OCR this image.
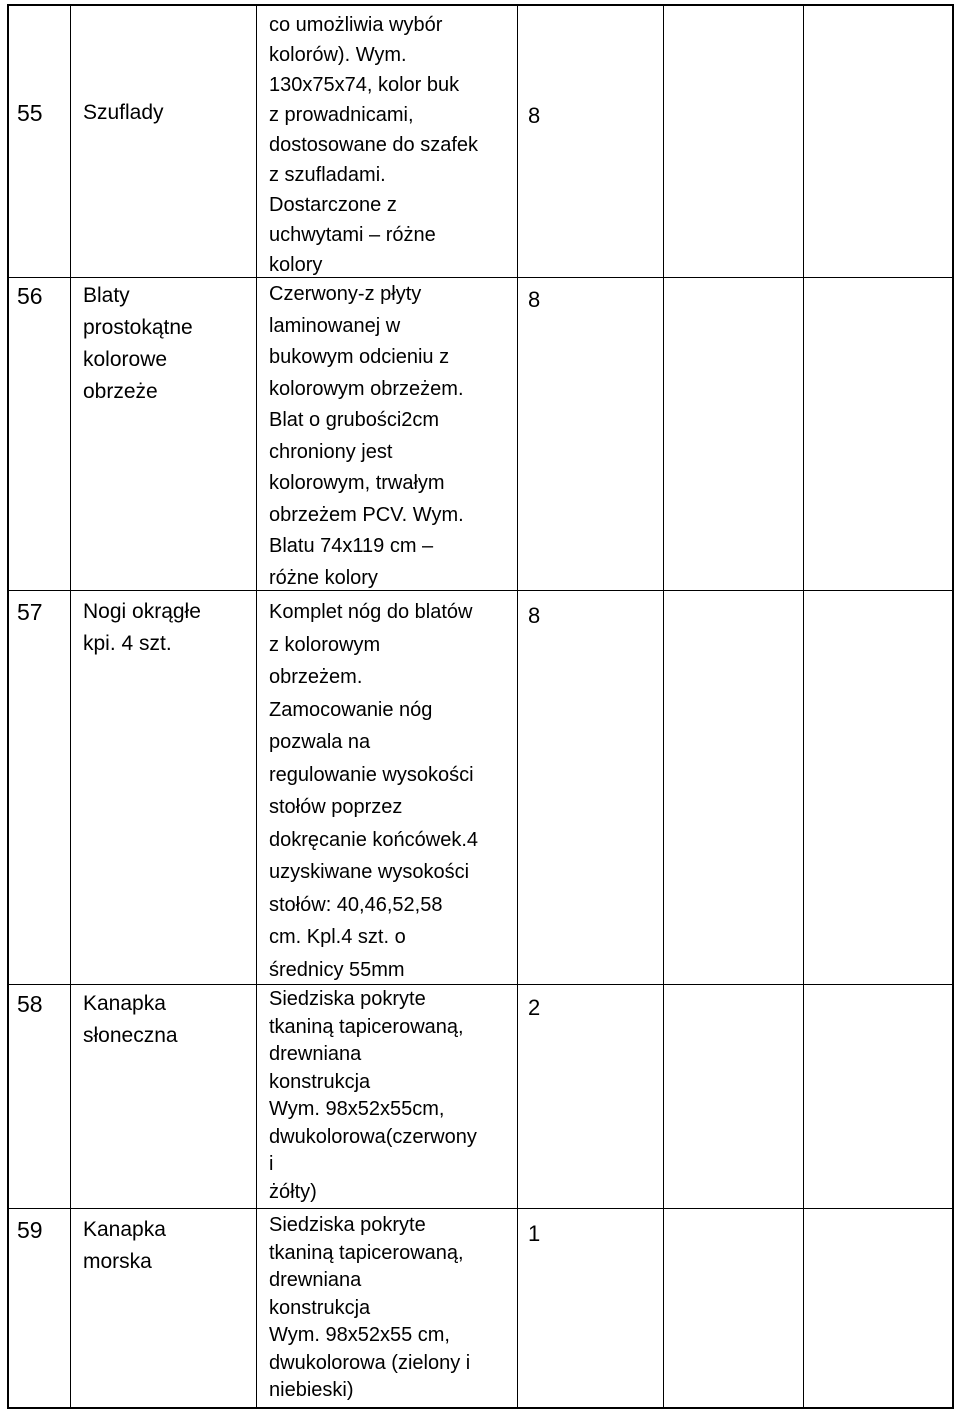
co umożliwia wybór
kolorów). Wym.
130x75x74, kolor buk
55 Szuflady	z prowadnicami,
dostosowane do szafek
z szufladami.
Dostarczone z
uchwytami – różne
kolory
8
56 Blaty
prostokątne
kolorowe
obrzeże
Czerwony-z płyty
laminowanej w
bukowym odcieniu z
kolorowym obrzeżem.
Blat o grubości2cm
chroniony jest
kolorowym, trwałym
obrzeżem PCV. Wym.
Blatu 74x119 cm –
różne kolory
8
57 Nogi okrągłe
kpi. 4 szt.
Komplet nóg do blatów
z kolorowym
obrzeżem.
Zamocowanie nóg
pozwala na
regulowanie wysokości
stołów poprzez
dokręcanie końcówek.4
uzyskiwane wysokości
stołów: 40,46,52,58
cm. Kpl.4 szt. o
średnicy 55mm
8
58 Kanapka
słoneczna
Siedziska pokryte
tkaniną tapicerowaną,
drewniana
konstrukcja
Wym. 98x52x55cm,
dwukolorowa(czerwony
i
żółty)
2
59 Kanapka
morska
Siedziska pokryte
tkaniną tapicerowaną,
drewniana
konstrukcja
Wym. 98x52x55 cm,
dwukolorowa (zielony i
niebieski)
1
